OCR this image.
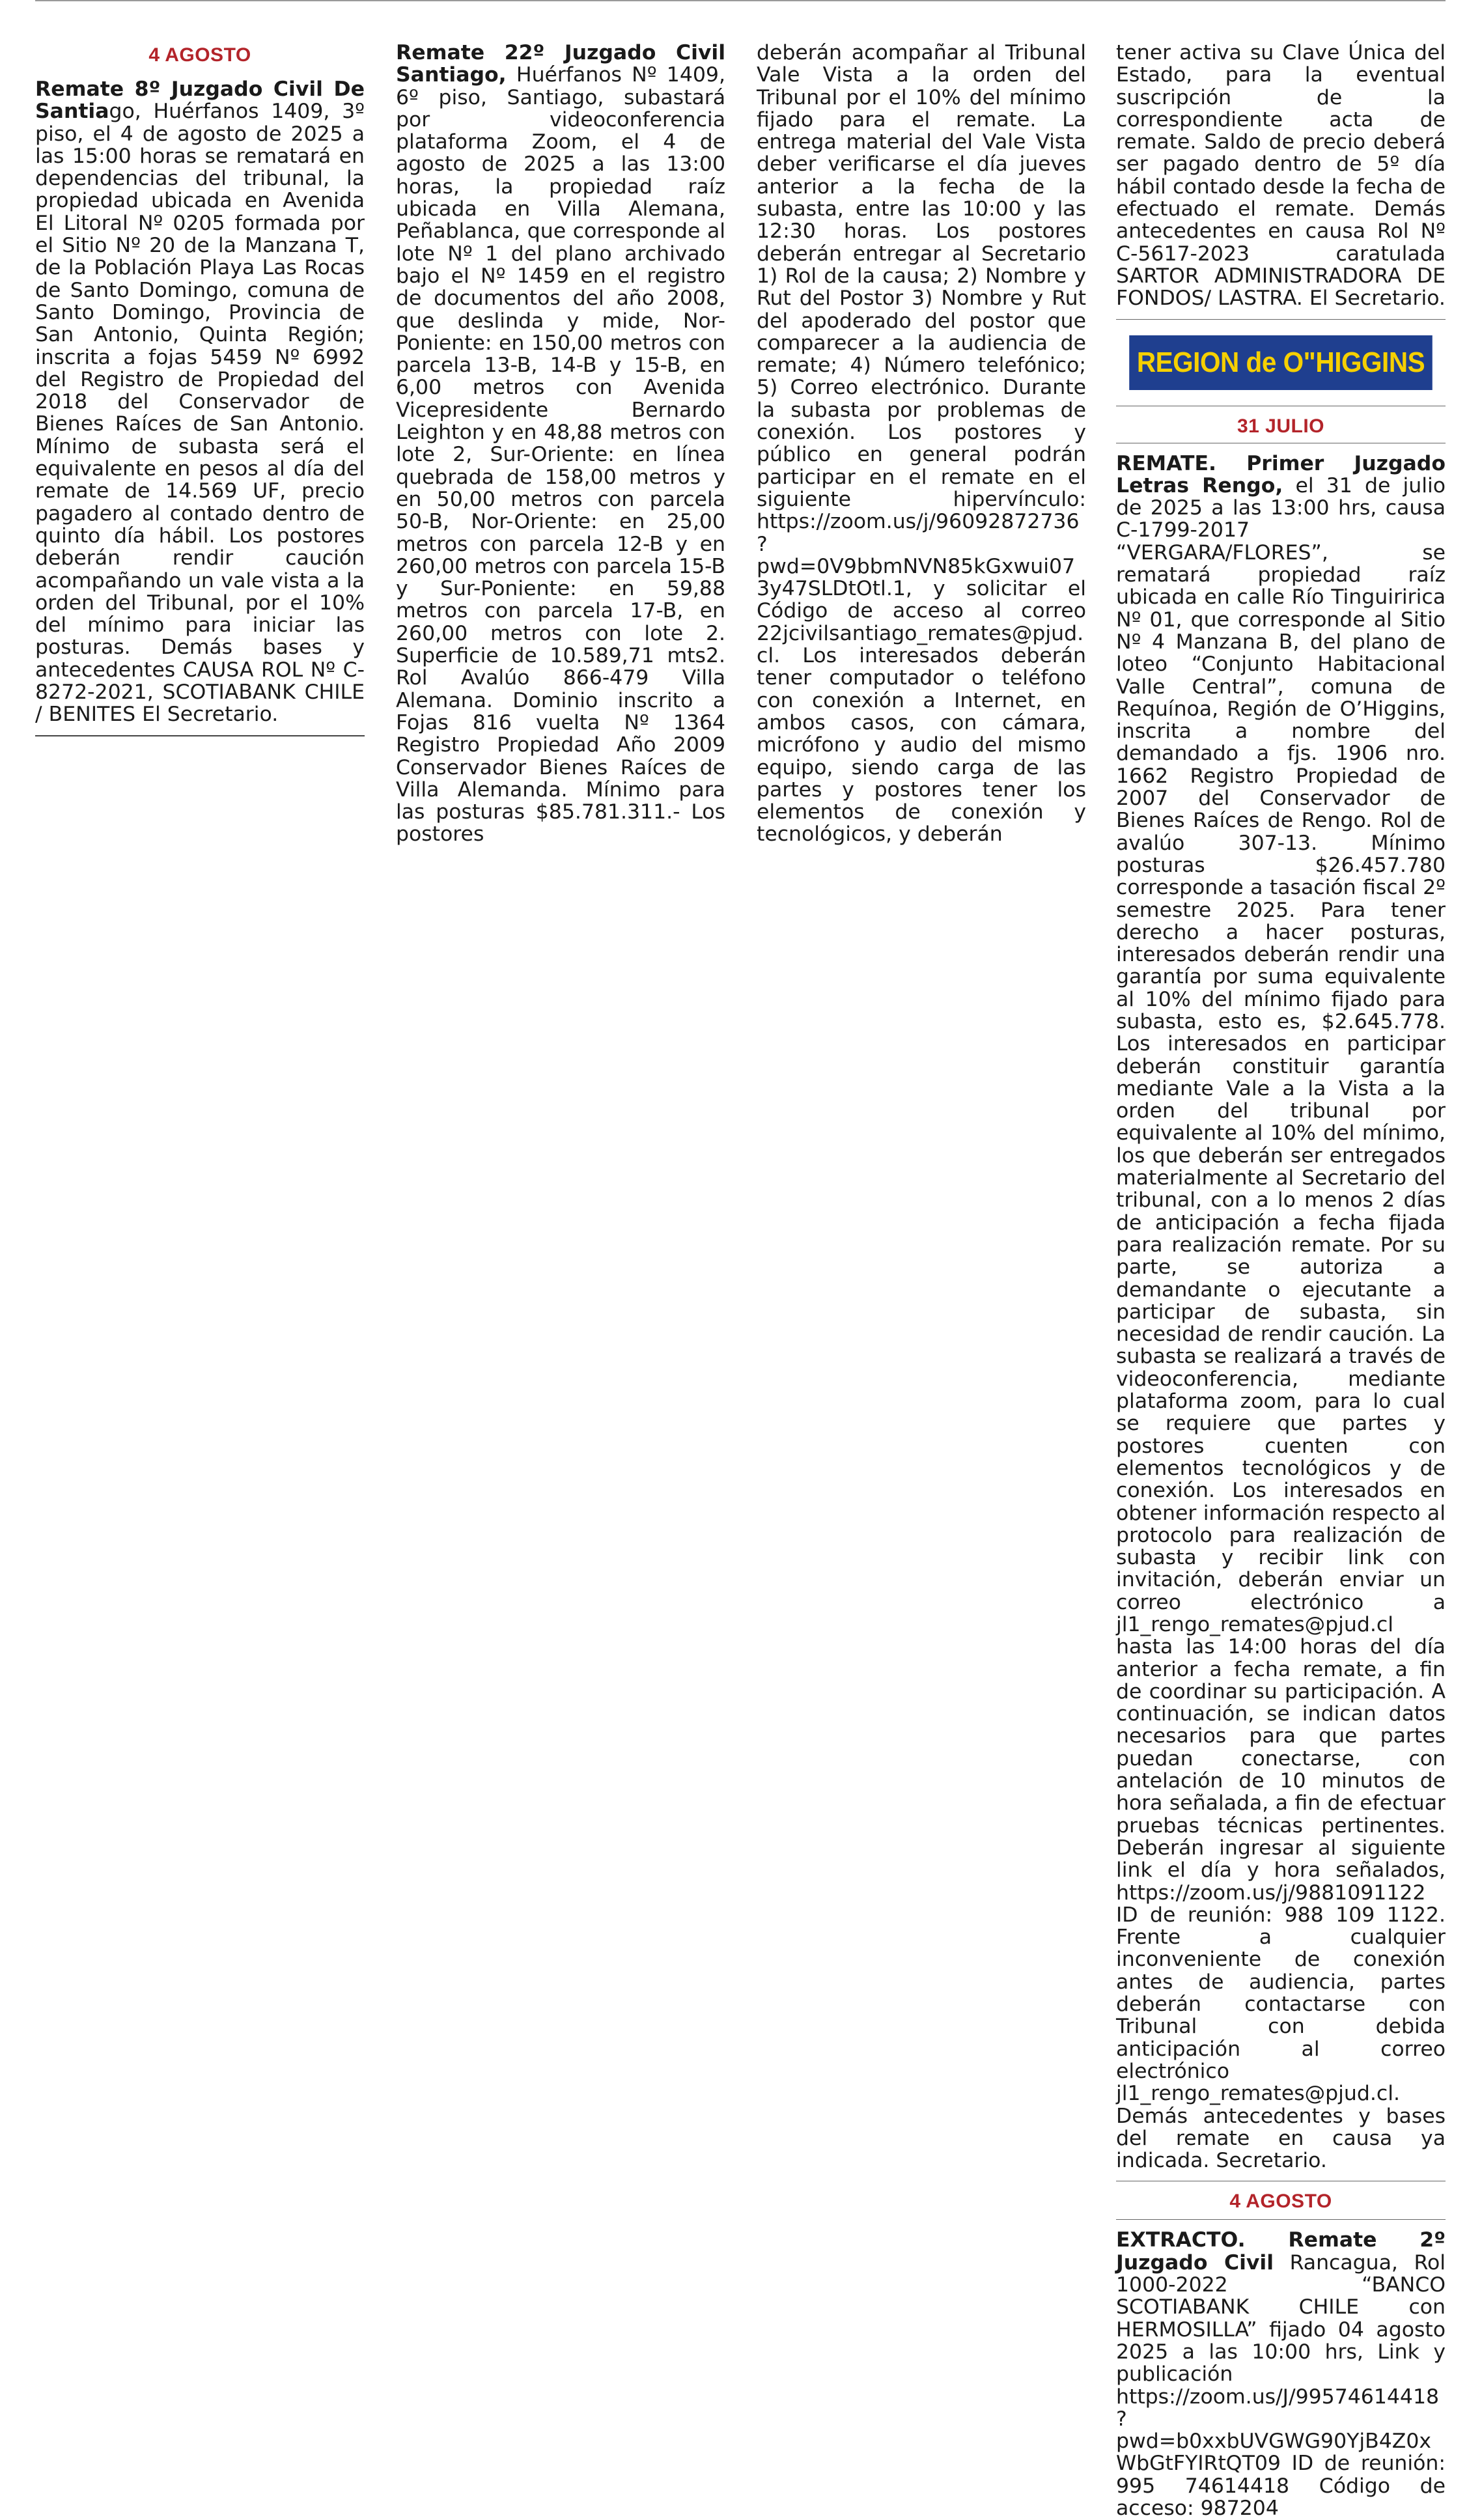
4 AGOSTO

Remate 8º Juzgado Civil De Santiago, Huérfanos 1409, 3º piso, el 4 de agosto de 2025 a las 15:00 horas se rematará en dependencias del tribunal, la propiedad ubicada en Avenida El Litoral Nº 0205 formada por el Sitio Nº 20 de la Manzana T, de la Población Playa Las Rocas de Santo Domingo, comuna de Santo Domingo, Provincia de San Antonio, Quinta Región; inscrita a fojas 5459 Nº 6992 del Registro de Propiedad del 2018 del Conservador de Bienes Raíces de San Antonio. Mínimo de subasta será el equivalente en pesos al día del remate de 14.569 UF, precio pagadero al contado dentro de quinto día hábil. Los postores deberán rendir caución acompañando un vale vista a la orden del Tribunal, por el 10% del mínimo para iniciar las posturas. Demás bases y antecedentes CAUSA ROL Nº C-8272-2021, SCOTIABANK CHILE / BENITES El Secretario.

Remate 22º Juzgado Civil Santiago, Huérfanos Nº 1409, 6º piso, Santiago, subastará por videoconferencia plataforma Zoom, el 4 de agosto de 2025 a las 13:00 horas, la propiedad raíz ubicada en Villa Alemana, Peñablanca, que corresponde al lote Nº 1 del plano archivado bajo el Nº 1459 en el registro de documentos del año 2008, que deslinda y mide, Nor-Poniente: en 150,00 metros con parcela 13-B, 14-B y 15-B, en 6,00 metros con Avenida Vicepresidente Bernardo Leighton y en 48,88 metros con lote 2, Sur-Oriente: en línea quebrada de 158,00 metros y en 50,00 metros con parcela 50-B, Nor-Oriente: en 25,00 metros con parcela 12-B y en 260,00 metros con parcela 15-B y Sur-Poniente: en 59,88 metros con parcela 17-B, en 260,00 metros con lote 2. Superficie de 10.589,71 mts2. Rol Avalúo 866-479 Villa Alemana. Dominio inscrito a Fojas 816 vuelta Nº 1364 Registro Propiedad Año 2009 Conservador Bienes Raíces de Villa Alemanda. Mínimo para las posturas $85.781.311.- Los postores

deberán acompañar al Tribunal Vale Vista a la orden del Tribunal por el 10% del mínimo fijado para el remate. La entrega material del Vale Vista deber verificarse el día jueves anterior a la fecha de la subasta, entre las 10:00 y las 12:30 horas. Los postores deberán entregar al Secretario 1) Rol de la causa; 2) Nombre y Rut del Postor 3) Nombre y Rut del apoderado del postor que comparecer a la audiencia de remate; 4) Número telefónico; 5) Correo electrónico. Durante la subasta por problemas de conexión. Los postores y público en general podrán participar en el remate en el siguiente hipervínculo: https://zoom.us/j/96092872736?pwd=0V9bbmNVN85kGxwui073y47SLDtOtl.1, y solicitar el Código de acceso al correo 22jcivilsantiago_remates@pjud.cl. Los interesados deberán tener computador o teléfono con conexión a Internet, en ambos casos, con cámara, micrófono y audio del mismo equipo, siendo carga de las partes y postores tener los elementos de conexión y tecnológicos, y deberán

tener activa su Clave Única del Estado, para la eventual suscripción de la correspondiente acta de remate. Saldo de precio deberá ser pagado dentro de 5º día hábil contado desde la fecha de efectuado el remate. Demás antecedentes en causa Rol Nº C-5617-2023 caratulada SARTOR ADMINISTRADORA DE FONDOS/ LASTRA. El Secretario.

REGION de O"HIGGINS
31 JULIO

REMATE. Primer Juzgado Letras Rengo, el 31 de julio de 2025 a las 13:00 hrs, causa C-1799-2017 “VERGARA/FLORES”, se rematará propiedad raíz ubicada en calle Río Tinguiririca Nº 01, que corresponde al Sitio Nº 4 Manzana B, del plano de loteo “Conjunto Habitacional Valle Central”, comuna de Requínoa, Región de O’Higgins, inscrita a nombre del demandado a fjs. 1906 nro. 1662 Registro Propiedad de 2007 del Conservador de Bienes Raíces de Rengo. Rol de avalúo 307-13. Mínimo posturas $26.457.780 corresponde a tasación fiscal 2º semestre 2025. Para tener derecho a hacer posturas, interesados deberán rendir una garantía por suma equivalente al 10% del mínimo fijado para subasta, esto es, $2.645.778. Los interesados en participar deberán constituir garantía mediante Vale a la Vista a la orden del tribunal por equivalente al 10% del mínimo, los que deberán ser entregados materialmente al Secretario del tribunal, con a lo menos 2 días de anticipación a fecha fijada para realización remate. Por su parte, se autoriza a demandante o ejecutante a participar de subasta, sin necesidad de rendir caución. La subasta se realizará a través de videoconferencia, mediante plataforma zoom, para lo cual se requiere que partes y postores cuenten con elementos tecnológicos y de conexión. Los interesados en obtener información respecto al protocolo para realización de subasta y recibir link con invitación, deberán enviar un correo electrónico a jl1_rengo_remates@pjud.cl hasta las 14:00 horas del día anterior a fecha remate, a fin de coordinar su participación. A continuación, se indican datos necesarios para que partes puedan conectarse, con antelación de 10 minutos de hora señalada, a fin de efectuar pruebas técnicas pertinentes. Deberán ingresar al siguiente link el día y hora señalados, https://zoom.us/j/9881091122 ID de reunión: 988 109 1122. Frente a cualquier inconveniente de conexión antes de audiencia, partes deberán contactarse con Tribunal con debida anticipación al correo electrónico jl1_rengo_remates@pjud.cl. Demás antecedentes y bases del remate en causa ya indicada. Secretario.

4 AGOSTO

EXTRACTO. Remate 2º Juzgado Civil Rancagua, Rol 1000-2022 “BANCO SCOTIABANK CHILE con HERMOSILLA” fijado 04 agosto 2025 a las 10:00 hrs, Link y publicación https://zoom.us/J/99574614418?pwd=b0xxbUVGWG90YjB4Z0xWbGtFYIRtQT09 ID de reunión: 995 74614418 Código de acceso: 987204
